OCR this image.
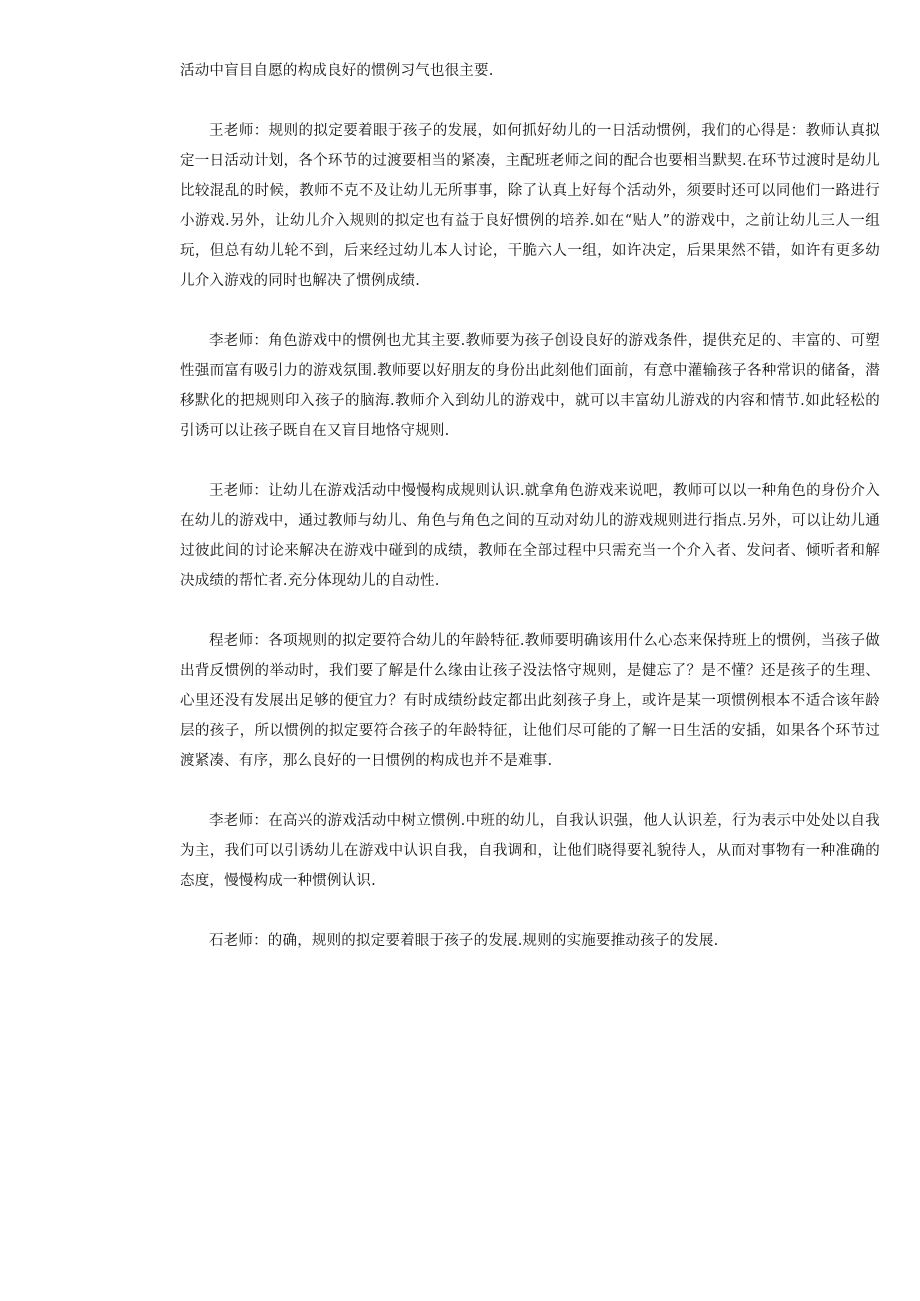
活动中盲目自愿的构成良好的惯例习气也很主要.

王老师：规则的拟定要着眼于孩子的发展，如何抓好幼儿的一日活动惯例，我们的心得是：教师认真拟定一日活动计划，各个环节的过渡要相当的紧凑，主配班老师之间的配合也要相当默契.在环节过渡时是幼儿比较混乱的时候，教师不克不及让幼儿无所事事，除了认真上好每个活动外，须要时还可以同他们一路进行小游戏.另外，让幼儿介入规则的拟定也有益于良好惯例的培养.如在“贴人”的游戏中，之前让幼儿三人一组玩，但总有幼儿轮不到，后来经过幼儿本人讨论，干脆六人一组，如许决定，后果果然不错，如许有更多幼儿介入游戏的同时也解决了惯例成绩.

李老师：角色游戏中的惯例也尤其主要.教师要为孩子创设良好的游戏条件，提供充足的、丰富的、可塑性强而富有吸引力的游戏氛围.教师要以好朋友的身份出此刻他们面前，有意中灌输孩子各种常识的储备，潜移默化的把规则印入孩子的脑海.教师介入到幼儿的游戏中，就可以丰富幼儿游戏的内容和情节.如此轻松的引诱可以让孩子既自在又盲目地恪守规则.

王老师：让幼儿在游戏活动中慢慢构成规则认识.就拿角色游戏来说吧，教师可以以一种角色的身份介入在幼儿的游戏中，通过教师与幼儿、角色与角色之间的互动对幼儿的游戏规则进行指点.另外，可以让幼儿通过彼此间的讨论来解决在游戏中碰到的成绩，教师在全部过程中只需充当一个介入者、发问者、倾听者和解决成绩的帮忙者.充分体现幼儿的自动性.

程老师：各项规则的拟定要符合幼儿的年龄特征.教师要明确该用什么心态来保持班上的惯例，当孩子做出背反惯例的举动时，我们要了解是什么缘由让孩子没法恪守规则，是健忘了？是不懂？还是孩子的生理、心里还没有发展出足够的便宜力？有时成绩纷歧定都出此刻孩子身上，或许是某一项惯例根本不适合该年龄层的孩子，所以惯例的拟定要符合孩子的年龄特征，让他们尽可能的了解一日生活的安插，如果各个环节过渡紧凑、有序，那么良好的一日惯例的构成也并不是难事.

李老师：在高兴的游戏活动中树立惯例.中班的幼儿，自我认识强，他人认识差，行为表示中处处以自我为主，我们可以引诱幼儿在游戏中认识自我，自我调和，让他们晓得要礼貌待人，从而对事物有一种准确的态度，慢慢构成一种惯例认识.

石老师：的确，规则的拟定要着眼于孩子的发展.规则的实施要推动孩子的发展.
